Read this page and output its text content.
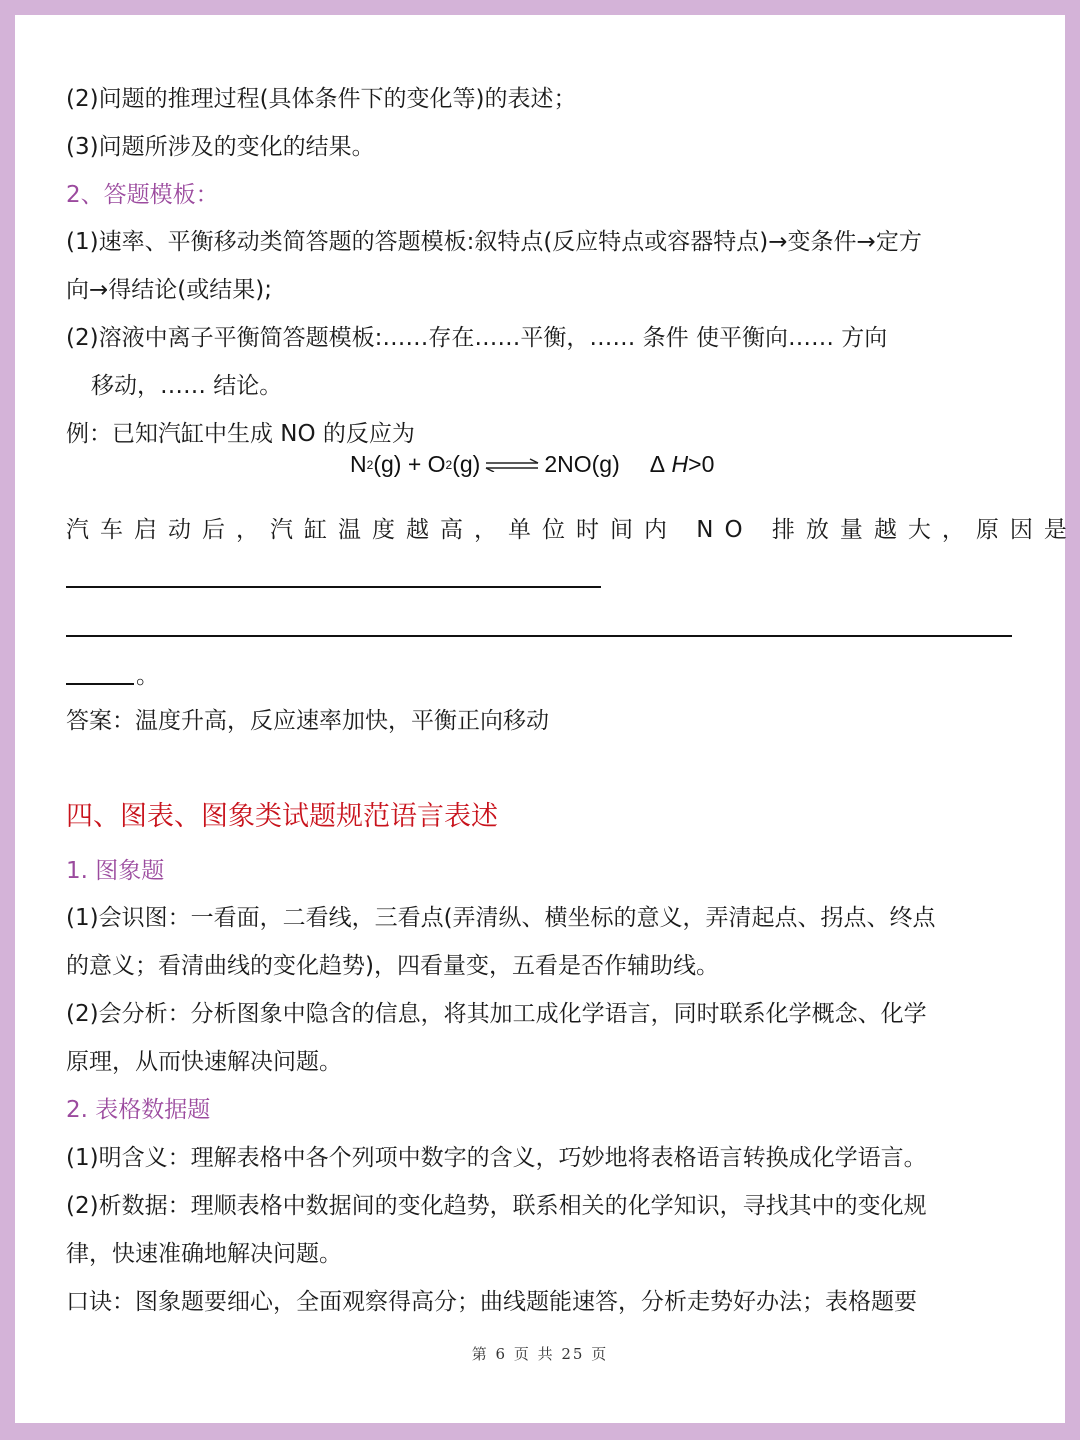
(2)问题的推理过程(具体条件下的变化等)的表述；
(3)问题所涉及的变化的结果。
2、答题模板：
(1)速率、平衡移动类简答题的答题模板:叙特点(反应特点或容器特点)→变条件→定方
向→得结论(或结果);
(2)溶液中离子平衡简答题模板:……存在……平衡，…… 条件 使平衡向…… 方向
移动，…… 结论。
例：已知汽缸中生成 NO 的反应为
N 2 (g) + O 2 (g) ⇌ 2NO(g) Δ H>0
汽车启动后，汽缸温度越高，单位时间内 NO 排放量越大，原因是
。
答案：温度升高，反应速率加快，平衡正向移动
四、图表、图象类试题规范语言表述
1. 图象题
(1)会识图：一看面，二看线，三看点(弄清纵、横坐标的意义，弄清起点、拐点、终点
的意义；看清曲线的变化趋势)，四看量变，五看是否作辅助线。
(2)会分析：分析图象中隐含的信息，将其加工成化学语言，同时联系化学概念、化学
原理，从而快速解决问题。
2. 表格数据题
(1)明含义：理解表格中各个列项中数字的含义，巧妙地将表格语言转换成化学语言。
(2)析数据：理顺表格中数据间的变化趋势，联系相关的化学知识，寻找其中的变化规
律，快速准确地解决问题。
口诀：图象题要细心，全面观察得高分；曲线题能速答，分析走势好办法；表格题要
第 6 页 共 25 页
